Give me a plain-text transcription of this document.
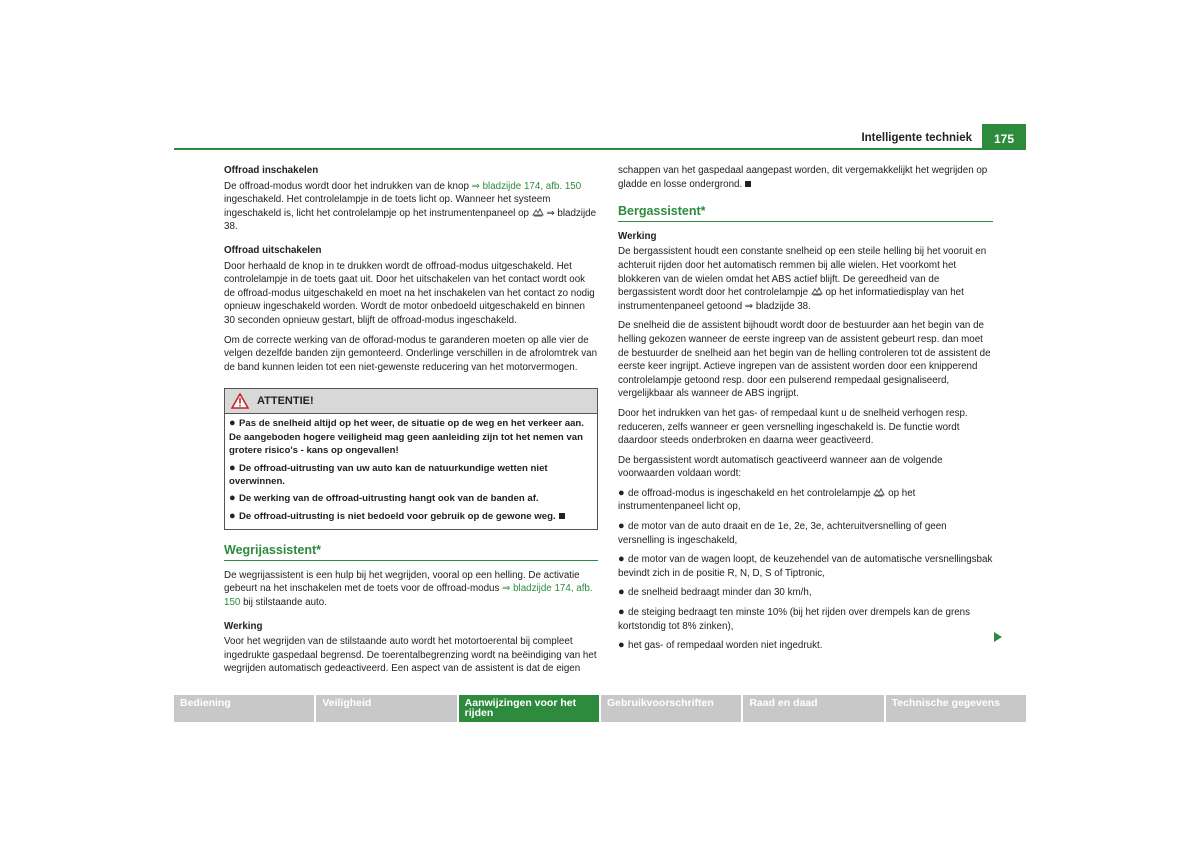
Intelligente techniek	175

Offroad inschakelen

De offroad-modus wordt door het indrukken van de knop ⇒ bladzijde 174, afb. 150 ingeschakeld. Het controlelampje in de toets licht op. Wanneer het systeem ingeschakeld is, licht het controlelampje op het instrumentenpaneel op  ⇒ bladzijde 38.

Offroad uitschakelen

Door herhaald de knop in te drukken wordt de offroad-modus uitgeschakeld. Het controlelampje in de toets gaat uit. Door het uitschakelen van het contact wordt ook de offroad-modus uitgeschakeld en moet na het inschakelen van het contact zo nodig opnieuw ingeschakeld worden. Wordt de motor onbedoeld uitgeschakeld en binnen 30 seconden opnieuw gestart, blijft de offroad-modus ingeschakeld.

Om de correcte werking van de offorad-modus te garanderen moeten op alle vier de velgen dezelfde banden zijn gemonteerd. Onderlinge verschillen in de afrolomtrek van de band kunnen leiden tot een niet-gewenste reducering van het motorvermogen.

ATTENTIE!

● Pas de snelheid altijd op het weer, de situatie op de weg en het verkeer aan. De aangeboden hogere veiligheid mag geen aanleiding zijn tot het nemen van grotere risico's - kans op ongevallen!

● De offroad-uitrusting van uw auto kan de natuurkundige wetten niet overwinnen.

● De werking van de offroad-uitrusting hangt ook van de banden af.

● De offroad-uitrusting is niet bedoeld voor gebruik op de gewone weg.

Wegrijassistent*

De wegrijassistent is een hulp bij het wegrijden, vooral op een helling. De activatie gebeurt na het inschakelen met de toets voor de offroad-modus ⇒ bladzijde 174, afb. 150 bij stilstaande auto.

Werking

Voor het wegrijden van de stilstaande auto wordt het motortoerental bij compleet ingedrukte gaspedaal begrensd. De toerentalbegrenzing wordt na beëindiging van het wegrijden automatisch gedeactiveerd. Een aspect van de assistent is dat de eigen

schappen van het gaspedaal aangepast worden, dit vergemakkelijkt het wegrijden op gladde en losse ondergrond.

Bergassistent*

Werking

De bergassistent houdt een constante snelheid op een steile helling bij het vooruit en achteruit rijden door het automatisch remmen bij alle wielen. Het voorkomt het blokkeren van de wielen omdat het ABS actief blijft. De gereedheid van de bergassistent wordt door het controlelampje  op het informatiedisplay van het instrumentenpaneel getoond ⇒ bladzijde 38.

De snelheid die de assistent bijhoudt wordt door de bestuurder aan het begin van de helling gekozen wanneer de eerste ingreep van de assistent gebeurt resp. dan moet de bestuurder de snelheid aan het begin van de helling controleren tot de assistent de eerste keer ingrijpt. Actieve ingrepen van de assistent worden door een knipperend controlelampje getoond resp. door een pulserend rempedaal gesignaliseerd, vergelijkbaar als wanneer de ABS ingrijpt.

Door het indrukken van het gas- of rempedaal kunt u de snelheid verhogen resp. reduceren, zelfs wanneer er geen versnelling ingeschakeld is. De functie wordt daardoor steeds onderbroken en daarna weer geactiveerd.

De bergassistent wordt automatisch geactiveerd wanneer aan de volgende voorwaarden voldaan wordt:

● de offroad-modus is ingeschakeld en het controlelampje  op het instrumentenpaneel licht op,

● de motor van de auto draait en de 1e, 2e, 3e, achteruitversnelling of geen versnelling is ingeschakeld,

● de motor van de wagen loopt, de keuzehendel van de automatische versnellingsbak bevindt zich in de positie R, N, D, S of Tiptronic,

● de snelheid bedraagt minder dan 30 km/h,

● de steiging bedraagt ten minste 10% (bij het rijden over drempels kan de grens kortstondig tot 8% zinken),

● het gas- of rempedaal worden niet ingedrukt.

Bediening	Veiligheid	Aanwijzingen voor het rijden
Gebruikvoorschriften	Raad en daad	Technische gegevens
